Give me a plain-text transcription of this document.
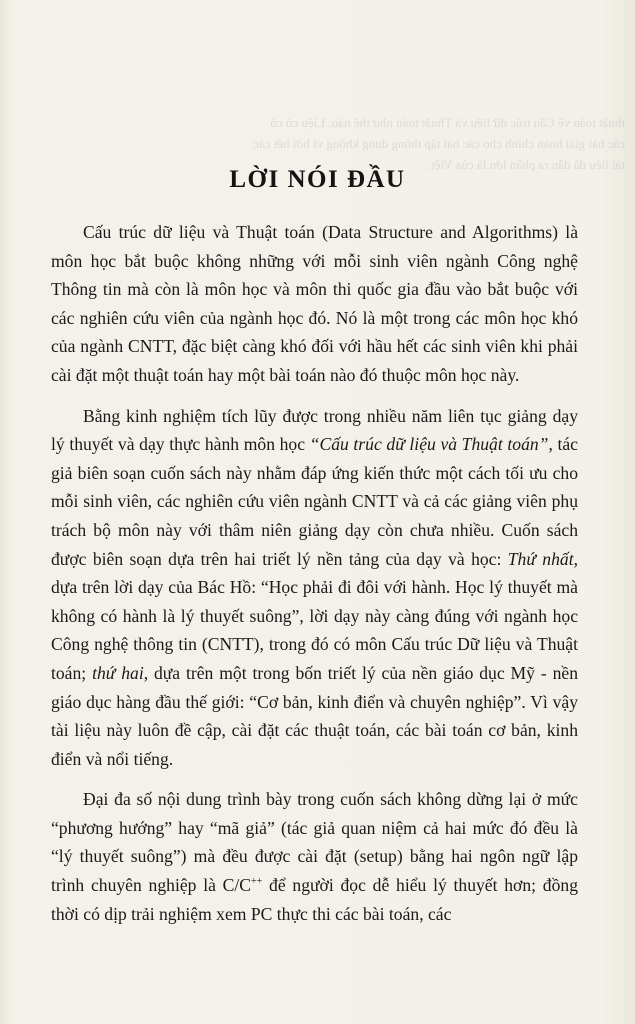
thuật toán về Cấu trúc dữ liệu và Thuật toán như thế nào. Liệu có có
các bài giải hoàn chỉnh cho các bài tập thông dụng không vì bởi hết các
tài liệu đã dẫn ra phần lớn là của Việt.
LỜI NÓI ĐẦU

Cấu trúc dữ liệu và Thuật toán (Data Structure and Algorithms) là môn học bắt buộc không những với mỗi sinh viên ngành Công nghệ Thông tin mà còn là môn học và môn thi quốc gia đầu vào bắt buộc với các nghiên cứu viên của ngành học đó. Nó là một trong các môn học khó của ngành CNTT, đặc biệt càng khó đối với hầu hết các sinh viên khi phải cài đặt một thuật toán hay một bài toán nào đó thuộc môn học này.

Bằng kinh nghiệm tích lũy được trong nhiều năm liên tục giảng dạy lý thuyết và dạy thực hành môn học “Cấu trúc dữ liệu và Thuật toán”, tác giả biên soạn cuốn sách này nhằm đáp ứng kiến thức một cách tối ưu cho mỗi sinh viên, các nghiên cứu viên ngành CNTT và cả các giảng viên phụ trách bộ môn này với thâm niên giảng dạy còn chưa nhiều. Cuốn sách được biên soạn dựa trên hai triết lý nền tảng của dạy và học: Thứ nhất, dựa trên lời dạy của Bác Hồ: “Học phải đi đôi với hành. Học lý thuyết mà không có hành là lý thuyết suông”, lời dạy này càng đúng với ngành học Công nghệ thông tin (CNTT), trong đó có môn Cấu trúc Dữ liệu và Thuật toán; thứ hai, dựa trên một trong bốn triết lý của nền giáo dục Mỹ - nền giáo dục hàng đầu thế giới: “Cơ bản, kinh điển và chuyên nghiệp”. Vì vậy tài liệu này luôn đề cập, cài đặt các thuật toán, các bài toán cơ bản, kinh điển và nổi tiếng.

Đại đa số nội dung trình bày trong cuốn sách không dừng lại ở mức “phương hướng” hay “mã giả” (tác giả quan niệm cả hai mức đó đều là “lý thuyết suông”) mà đều được cài đặt (setup) bằng hai ngôn ngữ lập trình chuyên nghiệp là C/C++ để người đọc dễ hiểu lý thuyết hơn; đồng thời có dịp trải nghiệm xem PC thực thi các bài toán, các
